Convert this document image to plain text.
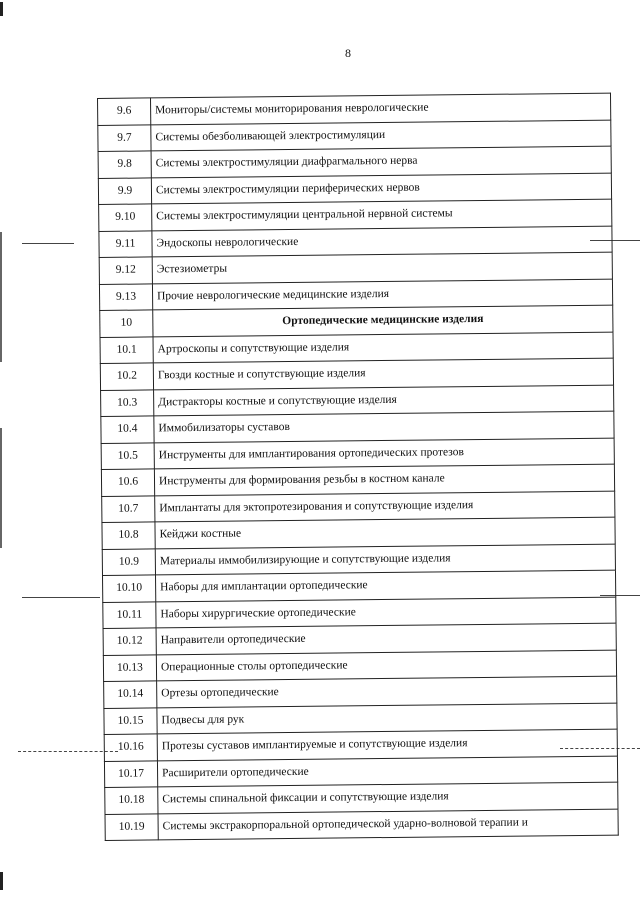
8
9.6	Мониторы/системы мониторирования неврологические
9.7	Системы обезболивающей электростимуляции
9.8	Системы электростимуляции диафрагмального нерва
9.9	Системы электростимуляции периферических нервов
9.10	Системы электростимуляции центральной нервной системы
9.11	Эндоскопы неврологические
9.12	Эстезиометры
9.13	Прочие неврологические медицинские изделия
10	Ортопедические медицинские изделия
10.1	Артроскопы и сопутствующие изделия
10.2	Гвозди костные и сопутствующие изделия
10.3	Дистракторы костные и сопутствующие изделия
10.4	Иммобилизаторы суставов
10.5	Инструменты для имплантирования ортопедических протезов
10.6	Инструменты для формирования резьбы в костном канале
10.7	Имплантаты для эктопротезирования и сопутствующие изделия
10.8	Кейджи костные
10.9	Материалы иммобилизирующие и сопутствующие изделия
10.10	Наборы для имплантации ортопедические
10.11	Наборы хирургические ортопедические
10.12	Направители ортопедические
10.13	Операционные столы ортопедические
10.14	Ортезы ортопедические
10.15	Подвесы для рук
10.16	Протезы суставов имплантируемые и сопутствующие изделия
10.17	Расширители ортопедические
10.18	Системы спинальной фиксации и сопутствующие изделия
10.19	Системы экстракорпоральной ортопедической ударно-волновой терапии и
